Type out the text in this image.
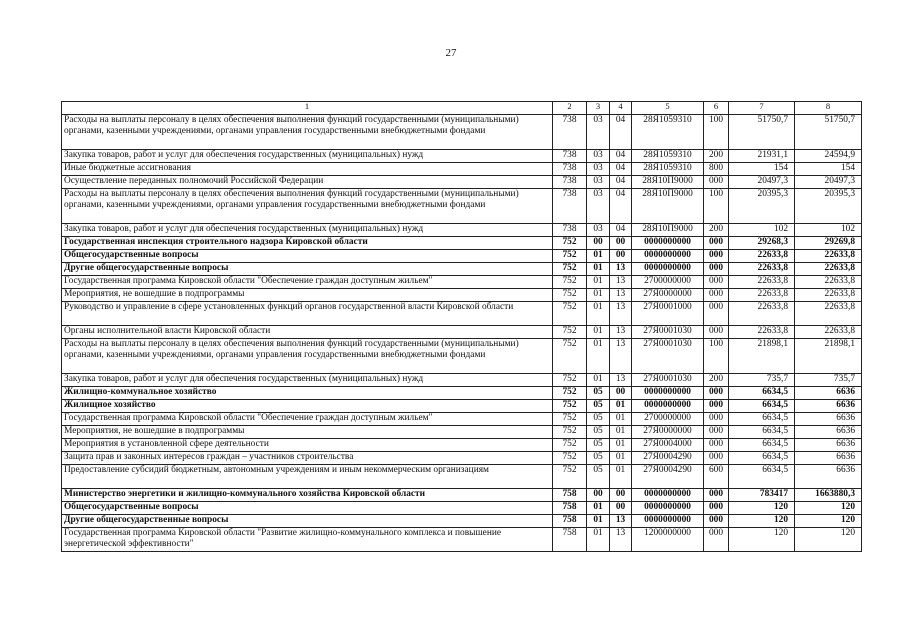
27
1	2	3	4	5	6	7	8
Расходы на выплаты персоналу в целях обеспечения выполнения функций государственными (муниципальными) органами, казенными учреждениями, органами управления государственными внебюджетными фондами	738	03	04	28Я1059310	100	51750,7	51750,7
Закупка товаров, работ и услуг для обеспечения государственных (муниципальных) нужд	738	03	04	28Я1059310	200	21931,1	24594,9
Иные бюджетные ассигнования	738	03	04	28Я1059310	800	154	154
Осуществление переданных полномочий Российской Федерации	738	03	04	28Я10П9000	000	20497,3	20497,3
Расходы на выплаты персоналу в целях обеспечения выполнения функций государственными (муниципальными) органами, казенными учреждениями, органами управления государственными внебюджетными фондами	738	03	04	28Я10П9000	100	20395,3	20395,3
Закупка товаров, работ и услуг для обеспечения государственных (муниципальных) нужд	738	03	04	28Я10П9000	200	102	102
Государственная инспекция строительного надзора Кировской области	752	00	00	0000000000	000	29268,3	29269,8
Общегосударственные вопросы	752	01	00	0000000000	000	22633,8	22633,8
Другие общегосударственные вопросы	752	01	13	0000000000	000	22633,8	22633,8
Государственная программа Кировской области "Обеспечение граждан доступным жильем"	752	01	13	2700000000	000	22633,8	22633,8
Мероприятия, не вошедшие в подпрограммы	752	01	13	27Я0000000	000	22633,8	22633,8
Руководство и управление в сфере установленных функций органов государственной власти Кировской области	752	01	13	27Я0001000	000	22633,8	22633,8
Органы исполнительной власти Кировской области	752	01	13	27Я0001030	000	22633,8	22633,8
Расходы на выплаты персоналу в целях обеспечения выполнения функций государственными (муниципальными) органами, казенными учреждениями, органами управления государственными внебюджетными фондами	752	01	13	27Я0001030	100	21898,1	21898,1
Закупка товаров, работ и услуг для обеспечения государственных (муниципальных) нужд	752	01	13	27Я0001030	200	735,7	735,7
Жилищно-коммунальное хозяйство	752	05	00	0000000000	000	6634,5	6636
Жилищное хозяйство	752	05	01	0000000000	000	6634,5	6636
Государственная программа Кировской области "Обеспечение граждан доступным жильем"	752	05	01	2700000000	000	6634,5	6636
Мероприятия, не вошедшие в подпрограммы	752	05	01	27Я0000000	000	6634,5	6636
Мероприятия в установленной сфере деятельности	752	05	01	27Я0004000	000	6634,5	6636
Защита прав и законных интересов граждан – участников строительства	752	05	01	27Я0004290	000	6634,5	6636
Предоставление субсидий бюджетным, автономным учреждениям и иным некоммерческим организациям	752	05	01	27Я0004290	600	6634,5	6636
Министерство энергетики и жилищно-коммунального хозяйства Кировской области	758	00	00	0000000000	000	783417	1663880,3
Общегосударственные вопросы	758	01	00	0000000000	000	120	120
Другие общегосударственные вопросы	758	01	13	0000000000	000	120	120
Государственная программа Кировской области "Развитие жилищно-коммунального комплекса и повышение энергетической эффективности"	758	01	13	1200000000	000	120	120
